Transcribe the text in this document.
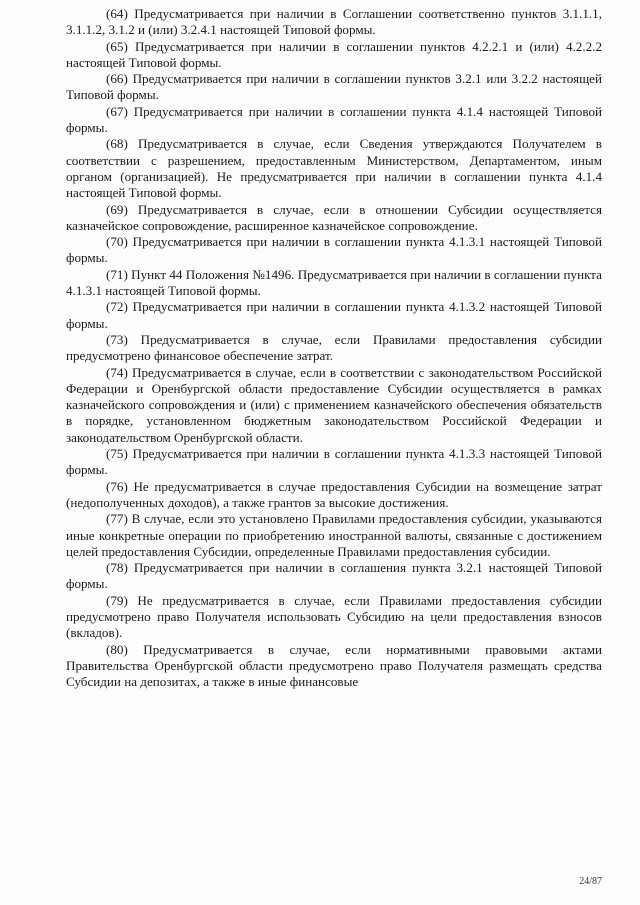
(64) Предусматривается при наличии в Соглашении соответственно пунктов 3.1.1.1, 3.1.1.2, 3.1.2 и (или) 3.2.4.1 настоящей Типовой формы.

(65) Предусматривается при наличии в соглашении пунктов 4.2.2.1 и (или) 4.2.2.2 настоящей Типовой формы.

(66) Предусматривается при наличии в соглашении пунктов 3.2.1 или 3.2.2 настоящей Типовой формы.

(67) Предусматривается при наличии в соглашении пункта 4.1.4 настоящей Типовой формы.

(68) Предусматривается в случае, если Сведения утверждаются Получателем в соответствии с разрешением, предоставленным Министерством, Департаментом, иным органом (организацией). Не предусматривается при наличии в соглашении пункта 4.1.4 настоящей Типовой формы.

(69) Предусматривается в случае, если в отношении Субсидии осуществляется казначейское сопровождение, расширенное казначейское сопровождение.

(70) Предусматривается при наличии в соглашении пункта 4.1.3.1 настоящей Типовой формы.

(71) Пункт 44 Положения №1496. Предусматривается при наличии в соглашении пункта 4.1.3.1 настоящей Типовой формы.

(72) Предусматривается при наличии в соглашении пункта 4.1.3.2 настоящей Типовой формы.

(73) Предусматривается в случае, если Правилами предоставления субсидии предусмотрено финансовое обеспечение затрат.

(74) Предусматривается в случае, если в соответствии с законодательством Российской Федерации и Оренбургской области предоставление Субсидии осуществляется в рамках казначейского сопровождения и (или) с применением казначейского обеспечения обязательств в порядке, установленном бюджетным законодательством Российской Федерации и законодательством Оренбургской области.

(75) Предусматривается при наличии в соглашении пункта 4.1.3.3 настоящей Типовой формы.

(76) Не предусматривается в случае предоставления Субсидии на возмещение затрат (недополученных доходов), а также грантов за высокие достижения.

(77) В случае, если это установлено Правилами предоставления субсидии, указываются иные конкретные операции по приобретению иностранной валюты, связанные с достижением целей предоставления Субсидии, определенные Правилами предоставления субсидии.

(78) Предусматривается при наличии в соглашения пункта 3.2.1 настоящей Типовой формы.

(79) Не предусматривается в случае, если Правилами предоставления субсидии предусмотрено право Получателя использовать Субсидию на цели предоставления взносов (вкладов).

(80) Предусматривается в случае, если нормативными правовыми актами Правительства Оренбургской области предусмотрено право Получателя размещать средства Субсидии на депозитах, а также в иные финансовые

24/87
